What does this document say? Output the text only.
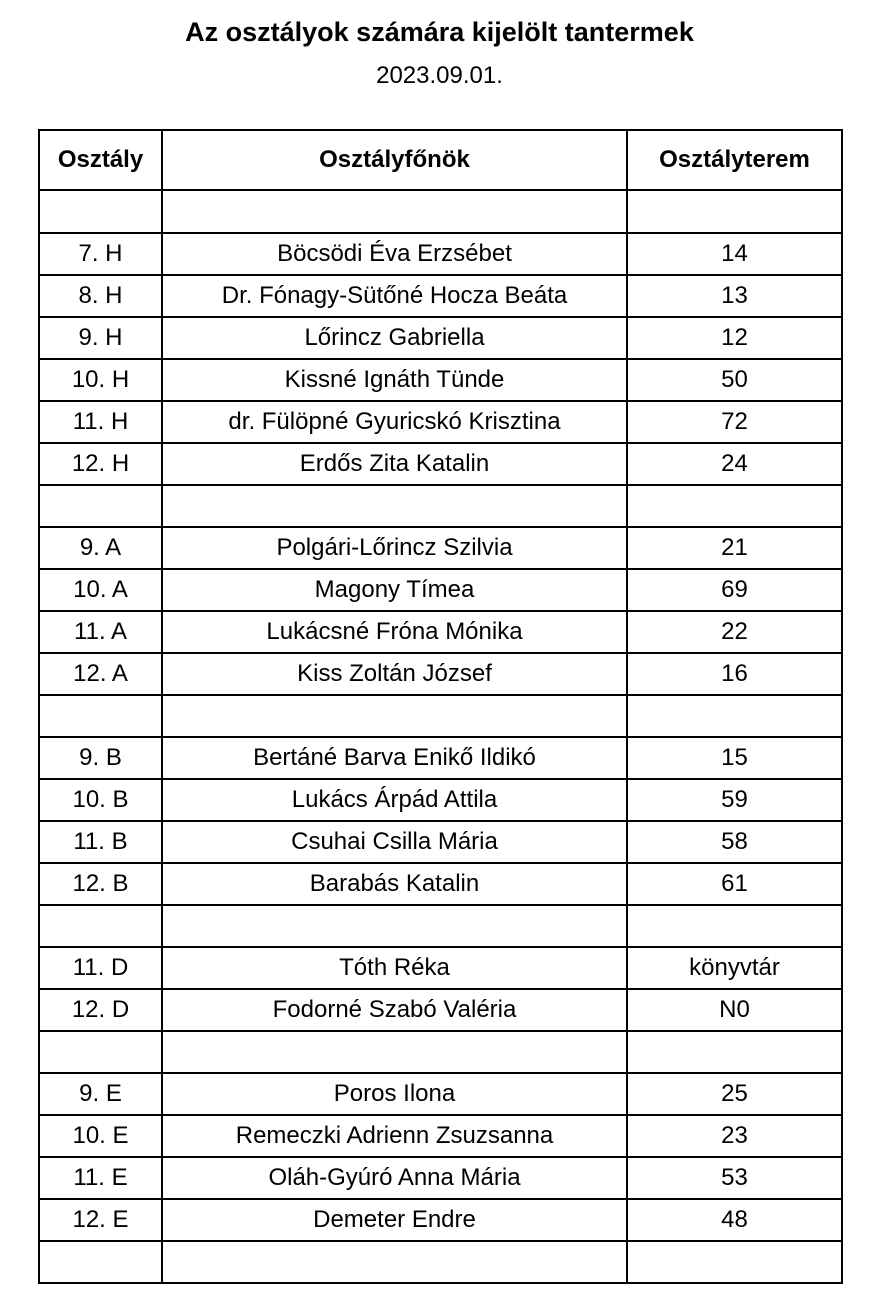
Az osztályok számára kijelölt tantermek
2023.09.01.
Osztály	Osztályfőnök	Osztályterem

7. H	Böcsödi Éva Erzsébet	14
8. H	Dr. Fónagy-Sütőné Hocza Beáta	13
9. H	Lőrincz Gabriella	12
10. H	Kissné Ignáth Tünde	50
11. H	dr. Fülöpné Gyuricskó Krisztina	72
12. H	Erdős Zita Katalin	24

9. A	Polgári-Lőrincz Szilvia	21
10. A	Magony Tímea	69
11. A	Lukácsné Fróna Mónika	22
12. A	Kiss Zoltán József	16

9. B	Bertáné Barva Enikő Ildikó	15
10. B	Lukács Árpád Attila	59
11. B	Csuhai Csilla Mária	58
12. B	Barabás Katalin	61

11. D	Tóth Réka	könyvtár
12. D	Fodorné Szabó Valéria	N0

9. E	Poros Ilona	25
10. E	Remeczki Adrienn Zsuzsanna	23
11. E	Oláh-Gyúró Anna Mária	53
12. E	Demeter Endre	48
